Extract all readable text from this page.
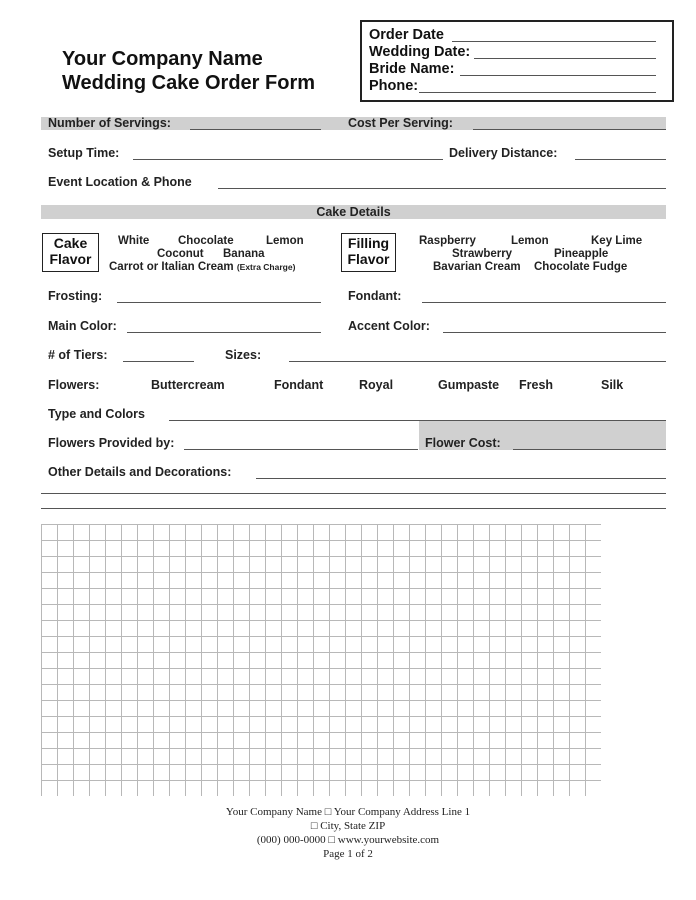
Your Company Name
Wedding Cake Order Form
Order Date
Wedding Date:
Bride Name:
Phone:
Number of Servings:	Cost Per Serving:
Setup Time:	Delivery Distance:
Event Location & Phone
Cake Details
Cake
Flavor
White Chocolate	Lemon
Coconut Banana
Carrot or Italian Cream (Extra Charge)
Filling
Flavor
Raspberry	Lemon	Key Lime
Strawberry	Pineapple
Bavarian Cream Chocolate Fudge
Frosting:	Fondant:
Main Color:	Accent Color:
# of Tiers:	Sizes:
Flowers:	Buttercream	Fondant	Royal	Gumpaste Fresh	Silk
Type and Colors
Flowers Provided by:	Flower Cost:
Other Details and Decorations:
Your Company Name □ Your Company Address Line 1
□ City, State ZIP
(000) 000-0000 □ www.yourwebsite.com
Page 1 of 2
